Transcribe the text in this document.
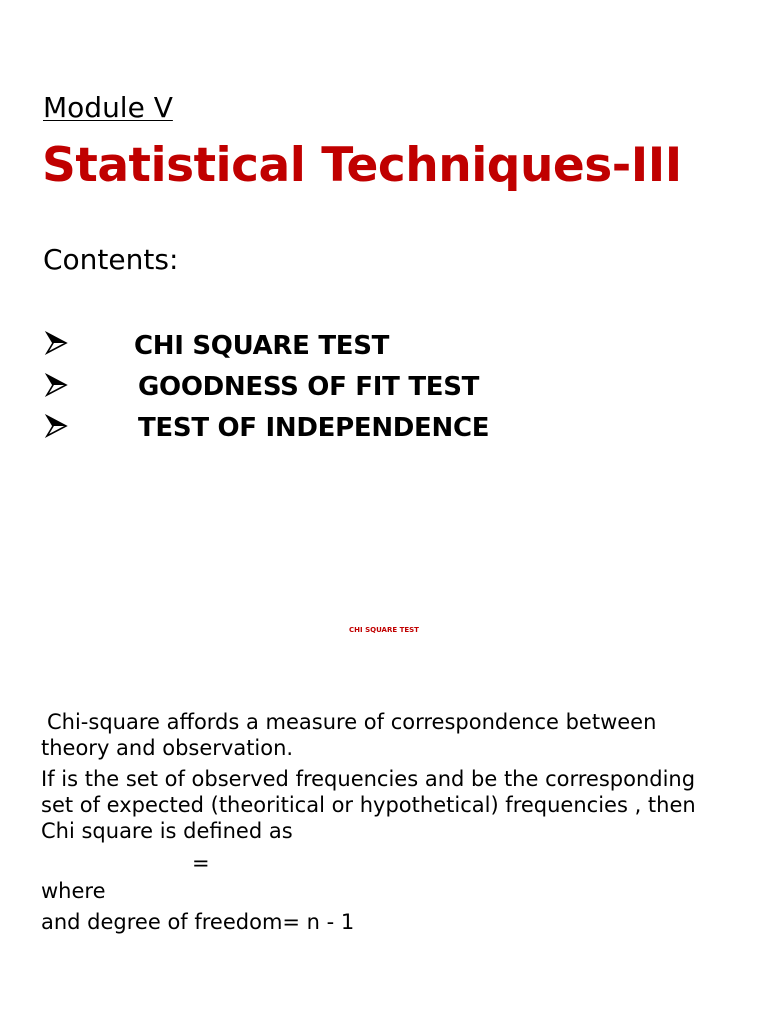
Module V
Statistical Techniques-III
Contents:
CHI SQUARE TEST
GOODNESS OF FIT TEST
TEST OF INDEPENDENCE
CHI SQUARE TEST

Chi-square affords a measure of correspondence between

theory and observation.

If is the set of observed frequencies and be the corresponding

set of expected (theoritical or hypothetical) frequencies , then

Chi square is defined as

=

where

and degree of freedom= n - 1
